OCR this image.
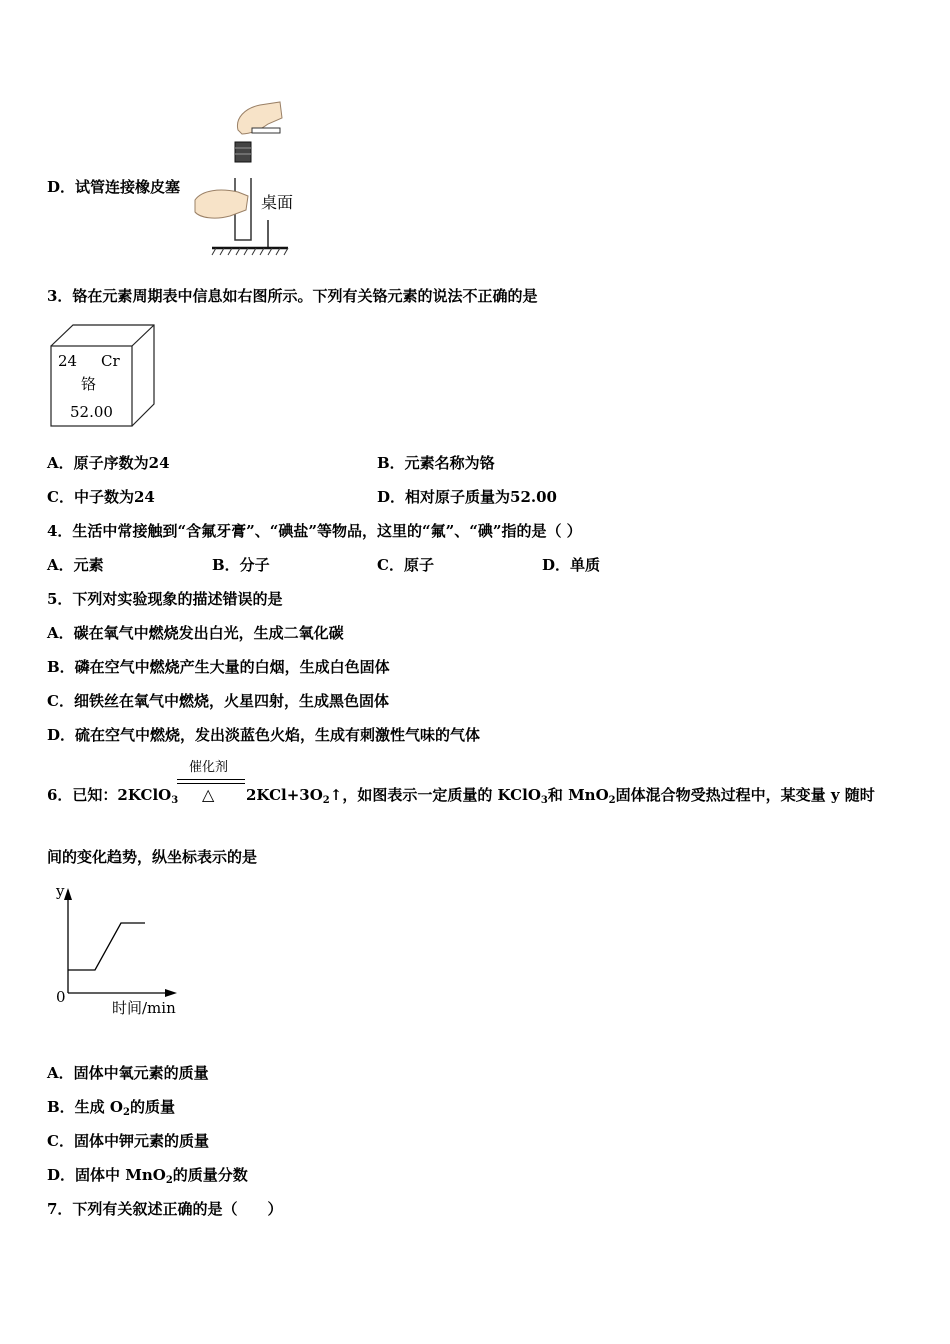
D．试管连接橡皮塞
桌面
3．铬在元素周期表中信息如右图所示。下列有关铬元素的说法不正确的是
24 Cr
铬
52.00
A．原子序数为24	B．元素名称为铬
C．中子数为24	D．相对原子质量为52.00
4．生活中常接触到“含氟牙膏”、“碘盐”等物品，这里的“氟”、“碘”指的是（ ）
A．元素	B．分子	C．原子	D．单质
5．下列对实验现象的描述错误的是
A．碳在氧气中燃烧发出白光，生成二氧化碳
B．磷在空气中燃烧产生大量的白烟，生成白色固体
C．细铁丝在氧气中燃烧，火星四射，生成黑色固体
D．硫在空气中燃烧，发出淡蓝色火焰，生成有刺激性气味的气体
6．已知：2KClO$_3$
催化剂
△ $2KCl+3O_2↑$，如图表示一定质量的 KClO$_3$和 MnO$_2$固体混合物受热过程中，某变量 y 随时
间的变化趋势，纵坐标表示的是
y
0
时间/min
A．固体中氧元素的质量
B．生成 $O_2$的质量
C．固体中钾元素的质量
D．固体中 MnO$_2$的质量分数
7．下列有关叙述正确的是（　　）
